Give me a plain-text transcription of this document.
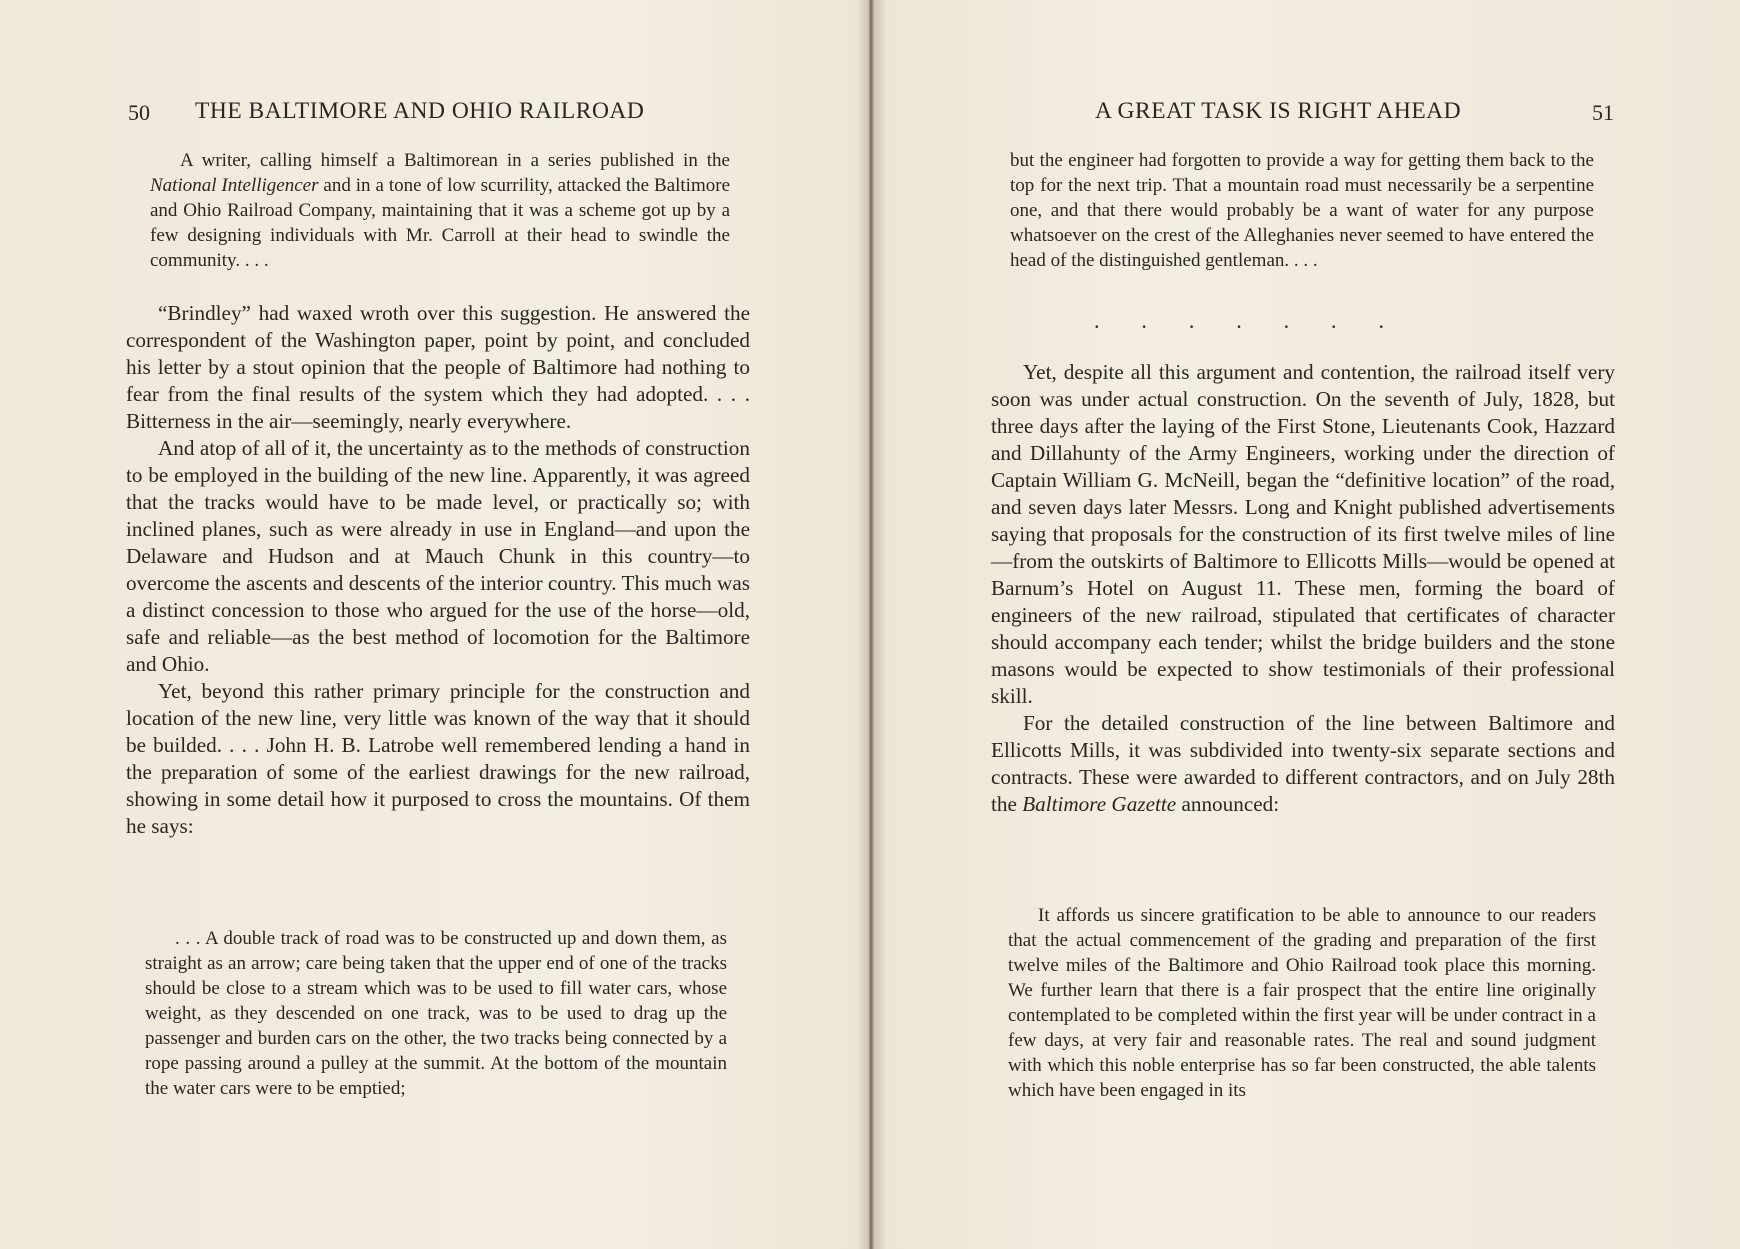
50 THE BALTIMORE AND OHIO RAILROAD

A writer, calling himself a Baltimorean in a series published in the National Intelligencer and in a tone of low scurrility, attacked the Baltimore and Ohio Railroad Company, maintaining that it was a scheme got up by a few designing individuals with Mr. Carroll at their head to swindle the community. . . .

“Brindley” had waxed wroth over this suggestion. He answered the correspondent of the Washington paper, point by point, and concluded his letter by a stout opinion that the people of Baltimore had nothing to fear from the final results of the system which they had adopted. . . . Bitterness in the air—seemingly, nearly everywhere.

And atop of all of it, the uncertainty as to the methods of construction to be employed in the building of the new line. Apparently, it was agreed that the tracks would have to be made level, or practically so; with inclined planes, such as were already in use in England—and upon the Delaware and Hudson and at Mauch Chunk in this country—to overcome the ascents and descents of the interior country. This much was a distinct concession to those who argued for the use of the horse—old, safe and reliable—as the best method of locomotion for the Baltimore and Ohio.

Yet, beyond this rather primary principle for the construction and location of the new line, very little was known of the way that it should be builded. . . . John H. B. Latrobe well remembered lending a hand in the preparation of some of the earliest drawings for the new railroad, showing in some detail how it purposed to cross the mountains. Of them he says:

. . . A double track of road was to be constructed up and down them, as straight as an arrow; care being taken that the upper end of one of the tracks should be close to a stream which was to be used to fill water cars, whose weight, as they descended on one track, was to be used to drag up the passenger and burden cars on the other, the two tracks being connected by a rope passing around a pulley at the summit. At the bottom of the mountain the water cars were to be emptied;

A GREAT TASK IS RIGHT AHEAD	51

but the engineer had forgotten to provide a way for getting them back to the top for the next trip. That a mountain road must necessarily be a serpentine one, and that there would probably be a want of water for any purpose whatsoever on the crest of the Alleghanies never seemed to have entered the head of the distinguished gentleman. . . .

. . . . . . .

Yet, despite all this argument and contention, the railroad itself very soon was under actual construction. On the seventh of July, 1828, but three days after the laying of the First Stone, Lieutenants Cook, Hazzard and Dillahunty of the Army Engineers, working under the direction of Captain William G. McNeill, began the “definitive location” of the road, and seven days later Messrs. Long and Knight published advertisements saying that proposals for the construction of its first twelve miles of line—from the outskirts of Baltimore to Ellicotts Mills—would be opened at Barnum’s Hotel on August 11. These men, forming the board of engineers of the new railroad, stipulated that certificates of character should accompany each tender; whilst the bridge builders and the stone masons would be expected to show testimonials of their professional skill.

For the detailed construction of the line between Baltimore and Ellicotts Mills, it was subdivided into twenty-six separate sections and contracts. These were awarded to different contractors, and on July 28th the Baltimore Gazette announced:

It affords us sincere gratification to be able to announce to our readers that the actual commencement of the grading and preparation of the first twelve miles of the Baltimore and Ohio Railroad took place this morning. We further learn that there is a fair prospect that the entire line originally contemplated to be completed within the first year will be under contract in a few days, at very fair and reasonable rates. The real and sound judgment with which this noble enterprise has so far been constructed, the able talents which have been engaged in its
